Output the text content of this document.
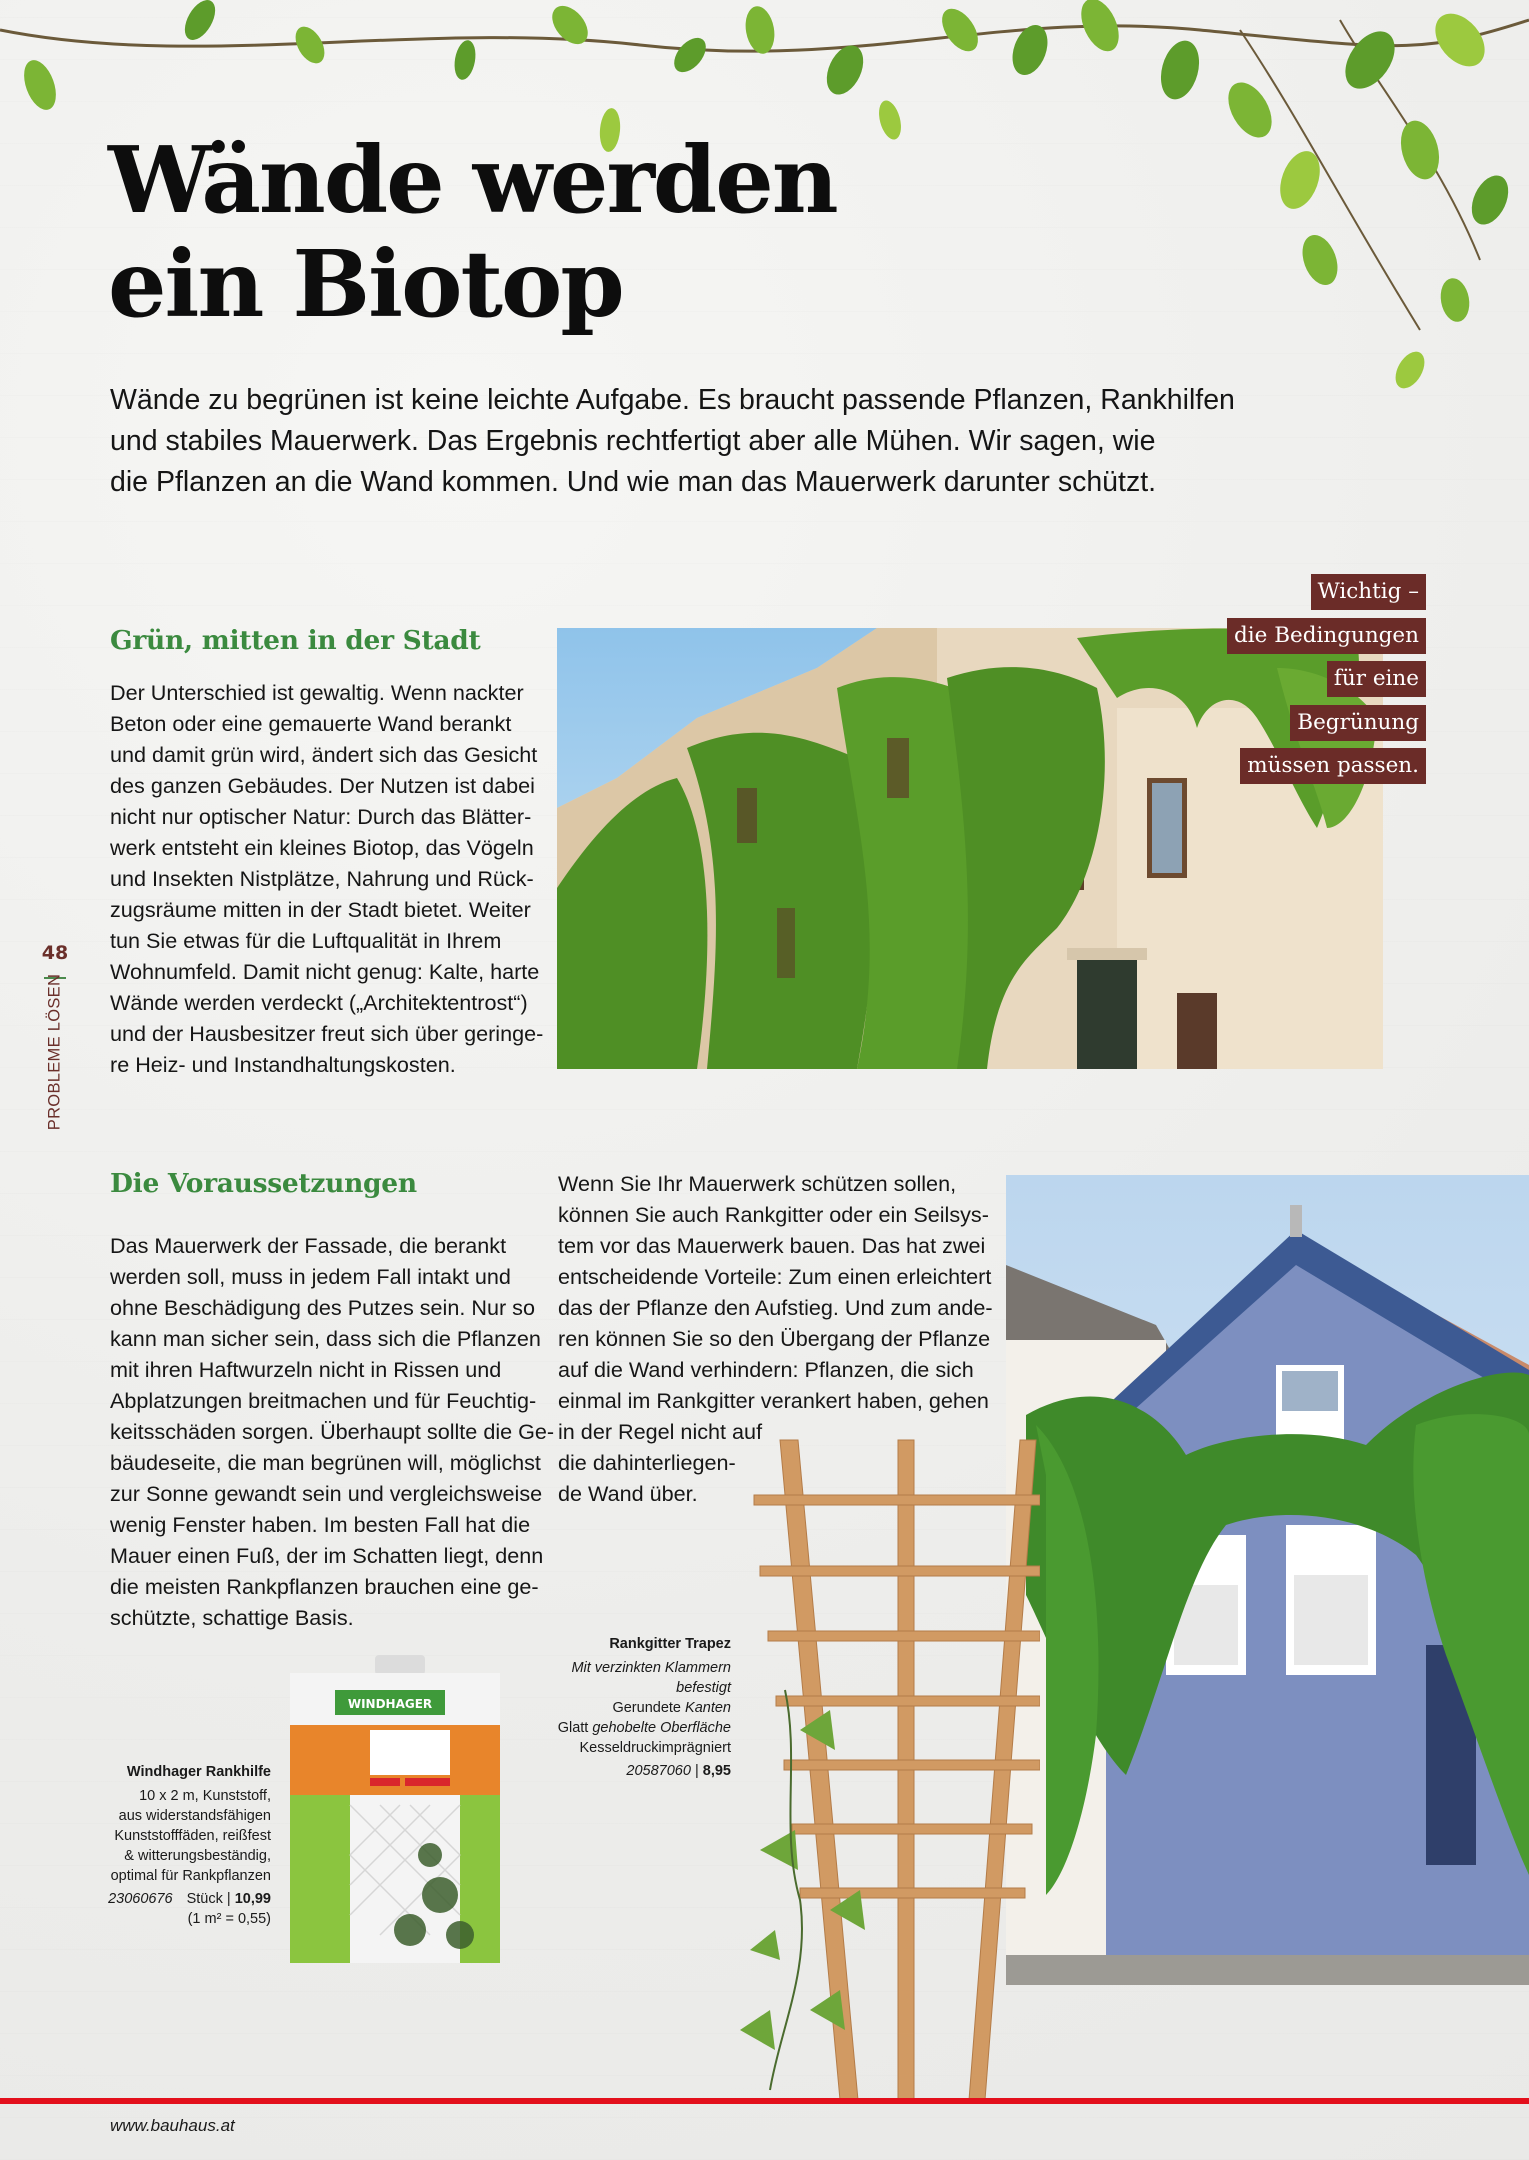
Wände werden
ein Biotop

Wände zu begrünen ist keine leichte Aufgabe. Es braucht passende Pflanzen, Rankhilfen
und stabiles Mauerwerk. Das Ergebnis rechtfertigt aber alle Mühen. Wir sagen, wie
die Pflanzen an die Wand kommen. Und wie man das Mauerwerk darunter schützt.

48
PROBLEME LÖSEN
Grün, mitten in der Stadt

Der Unterschied ist gewaltig. Wenn nackter
Beton oder eine gemauerte Wand berankt
und damit grün wird, ändert sich das Gesicht
des ganzen Gebäudes. Der Nutzen ist dabei
nicht nur optischer Natur: Durch das Blätter-
werk entsteht ein kleines Biotop, das Vögeln
und Insekten Nistplätze, Nahrung und Rück-
zugsräume mitten in der Stadt bietet. Weiter
tun Sie etwas für die Luftqualität in Ihrem
Wohnumfeld. Damit nicht genug: Kalte, harte
Wände werden verdeckt („Architektentrost“)
und der Hausbesitzer freut sich über geringe-
re Heiz- und Instandhaltungskosten.

Wichtig –
die Bedingungen
für eine
Begrünung
müssen passen.
Die Voraussetzungen

Das Mauerwerk der Fassade, die berankt
werden soll, muss in jedem Fall intakt und
ohne Beschädigung des Putzes sein. Nur so
kann man sicher sein, dass sich die Pflanzen
mit ihren Haftwurzeln nicht in Rissen und
Abplatzungen breitmachen und für Feuchtig-
keitsschäden sorgen. Überhaupt sollte die Ge-
bäudeseite, die man begrünen will, möglichst
zur Sonne gewandt sein und vergleichsweise
wenig Fenster haben. Im besten Fall hat die
Mauer einen Fuß, der im Schatten liegt, denn
die meisten Rankpflanzen brauchen eine ge-
schützte, schattige Basis.

Wenn Sie Ihr Mauerwerk schützen sollen,
können Sie auch Rankgitter oder ein Seilsys-
tem vor das Mauerwerk bauen. Das hat zwei
entscheidende Vorteile: Zum einen erleichtert
das der Pflanze den Aufstieg. Und zum ande-
ren können Sie so den Übergang der Pflanze
auf die Wand verhindern: Pflanzen, die sich
einmal im Rankgitter verankert haben, gehen
in der Regel nicht auf
die dahinterliegen-
de Wand über.

WINDHAGER
Rankgitter Trapez
Mit verzinkten Klammern
befestigt
Gerundete Kanten
Glatt gehobelte Oberfläche
Kesseldruckimprägniert
20587060 | 8,95
Windhager Rankhilfe
10 x 2 m, Kunststoff,
aus widerstandsfähigen
Kunststofffäden, reißfest
& witterungsbeständig,
optimal für Rankpflanzen
23060676 Stück | 10,99
(1 m² = 0,55)
www.bauhaus.at
